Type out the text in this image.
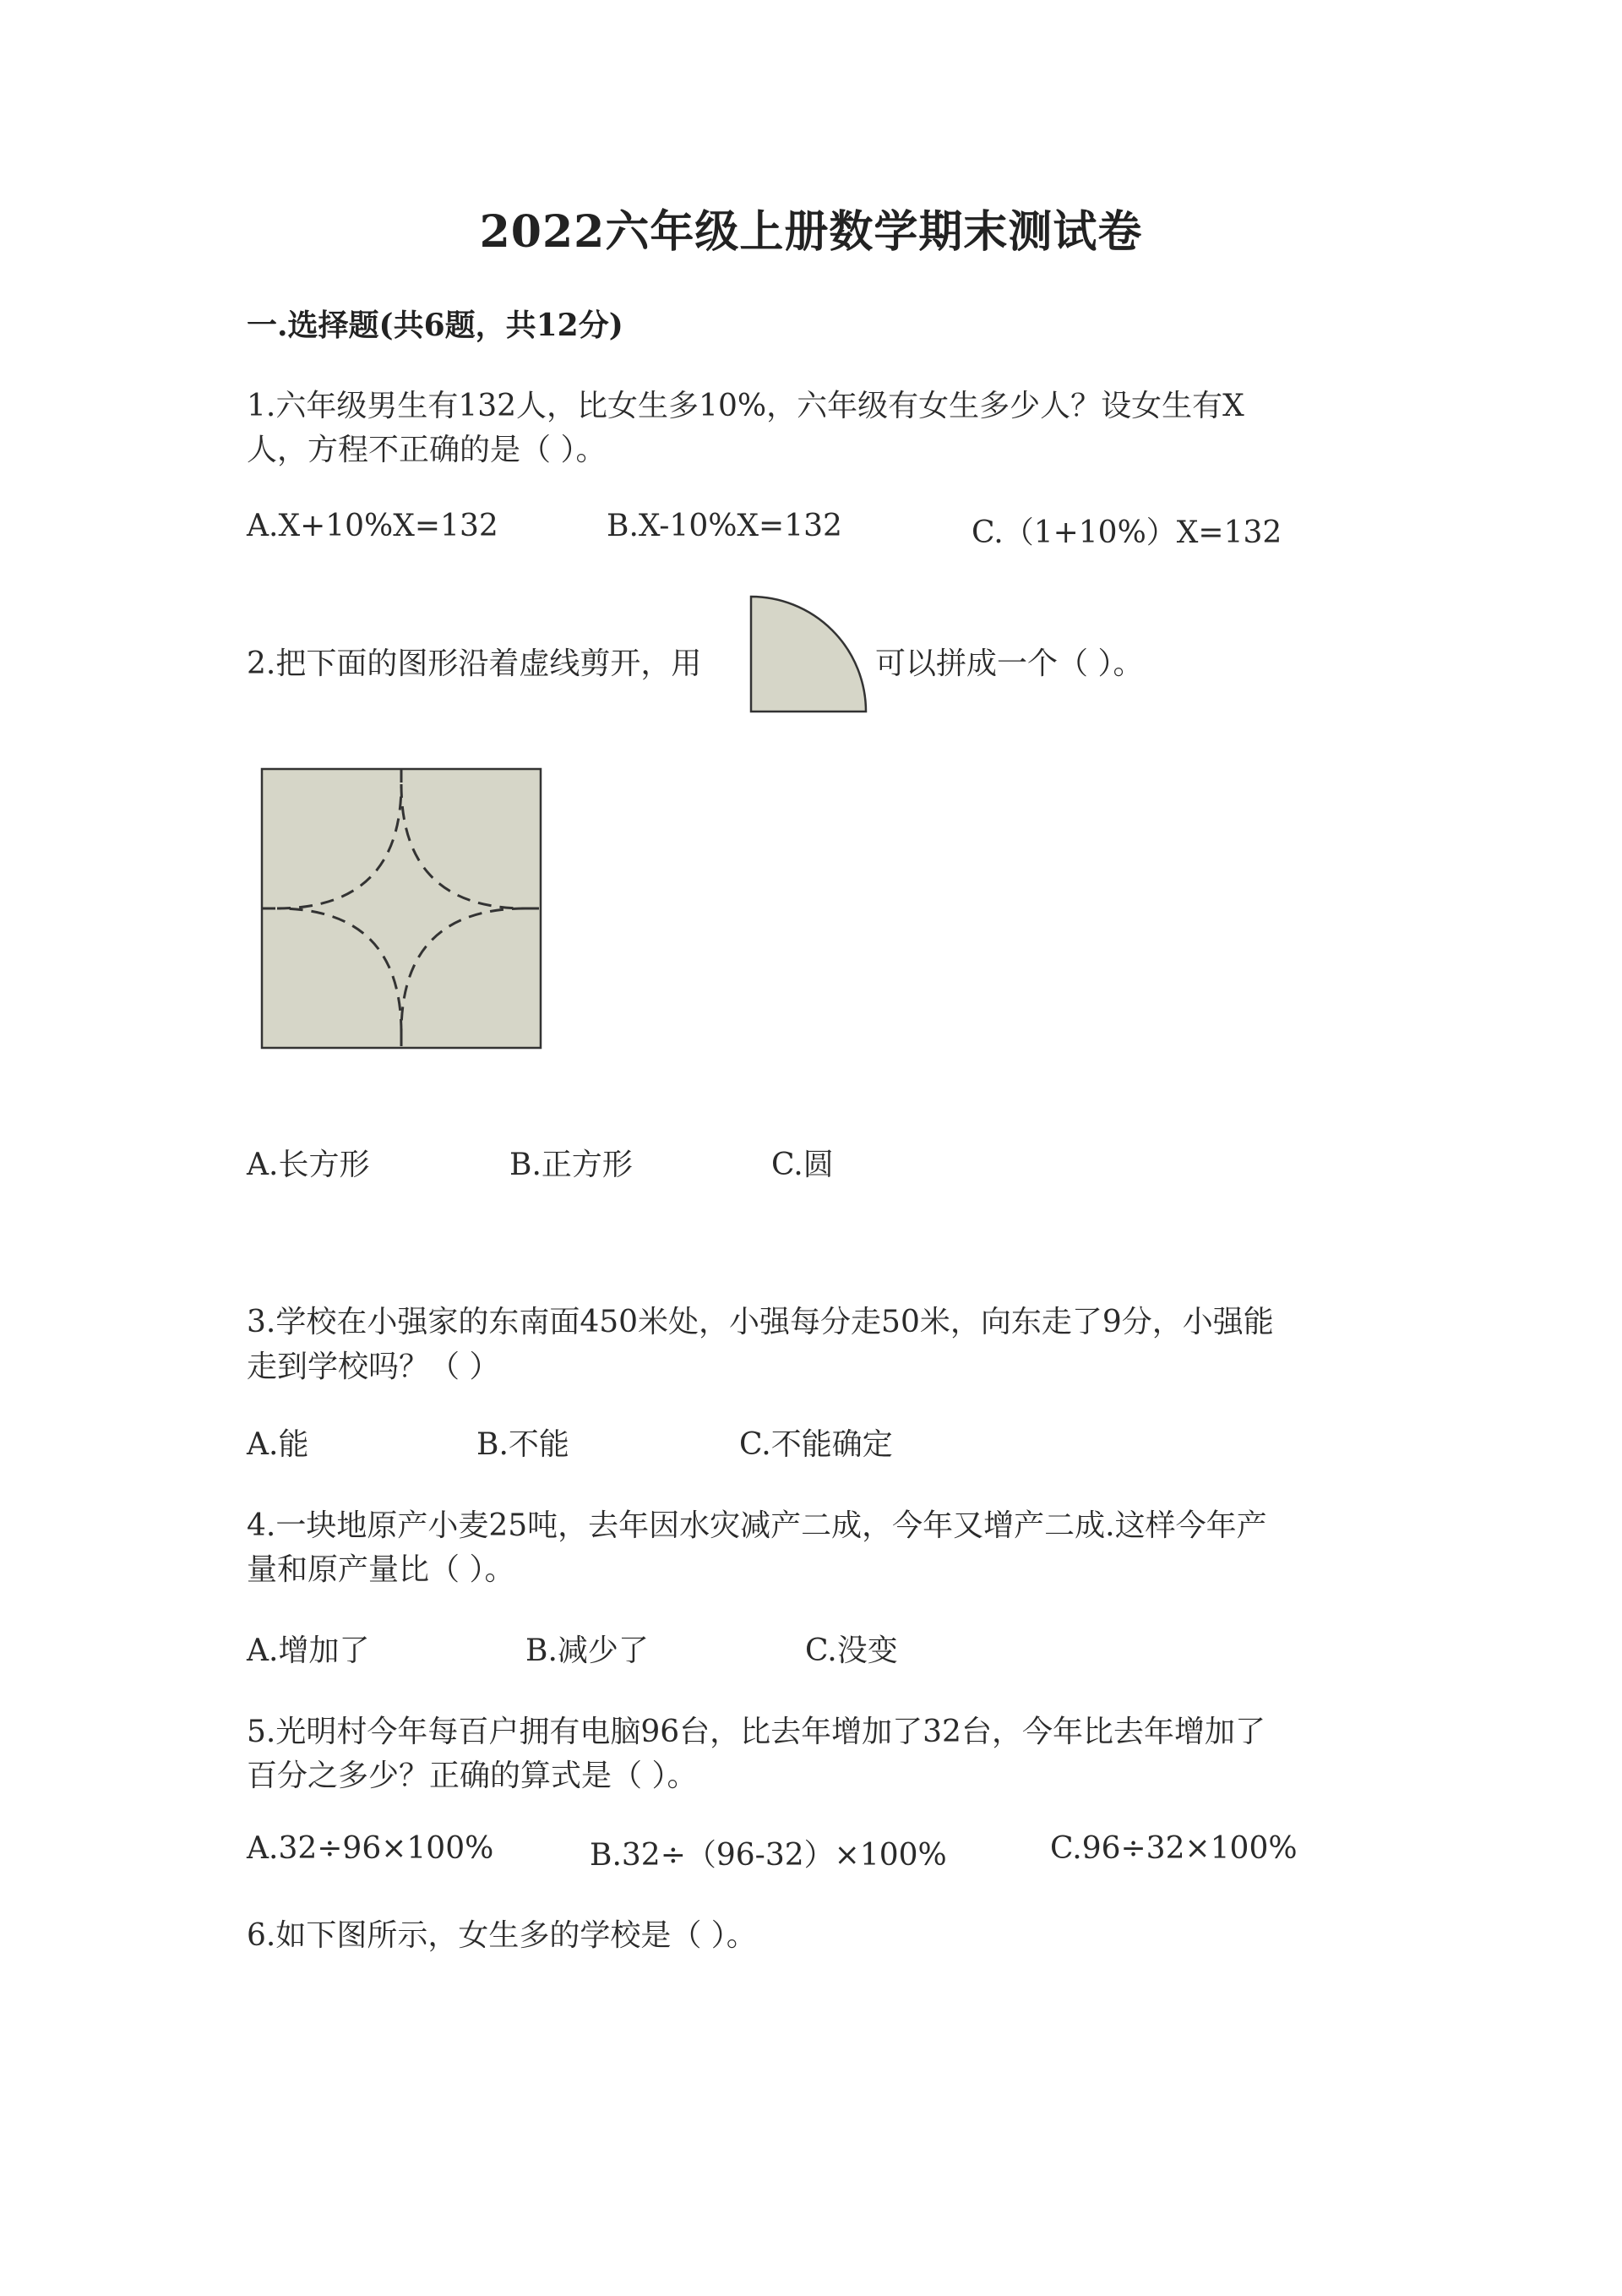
2022六年级上册数学期末测试卷
一.选择题(共6题，共12分)
1.六年级男生有132人，比女生多10%，六年级有女生多少人？设女生有X
人，方程不正确的是（ ）。
A.X+10%X=132	B.X-10%X=132	C.（1+10%）X=132
2.把下面的图形沿着虚线剪开，用	可以拼成一个（ ）。
A.长方形	B.正方形	C.圆
3.学校在小强家的东南面450米处，小强每分走50米，向东走了9分，小强能
走到学校吗？（ ）
A.能	B.不能	C.不能确定
4.一块地原产小麦25吨，去年因水灾减产二成，今年又增产二成.这样今年产
量和原产量比（ ）。
A.增加了	B.减少了	C.没变
5.光明村今年每百户拥有电脑96台，比去年增加了32台，今年比去年增加了
百分之多少？正确的算式是（ ）。
A.32÷96×100%	B.32÷（96-32）×100%	C.96÷32×100%
6.如下图所示，女生多的学校是（ ）。
